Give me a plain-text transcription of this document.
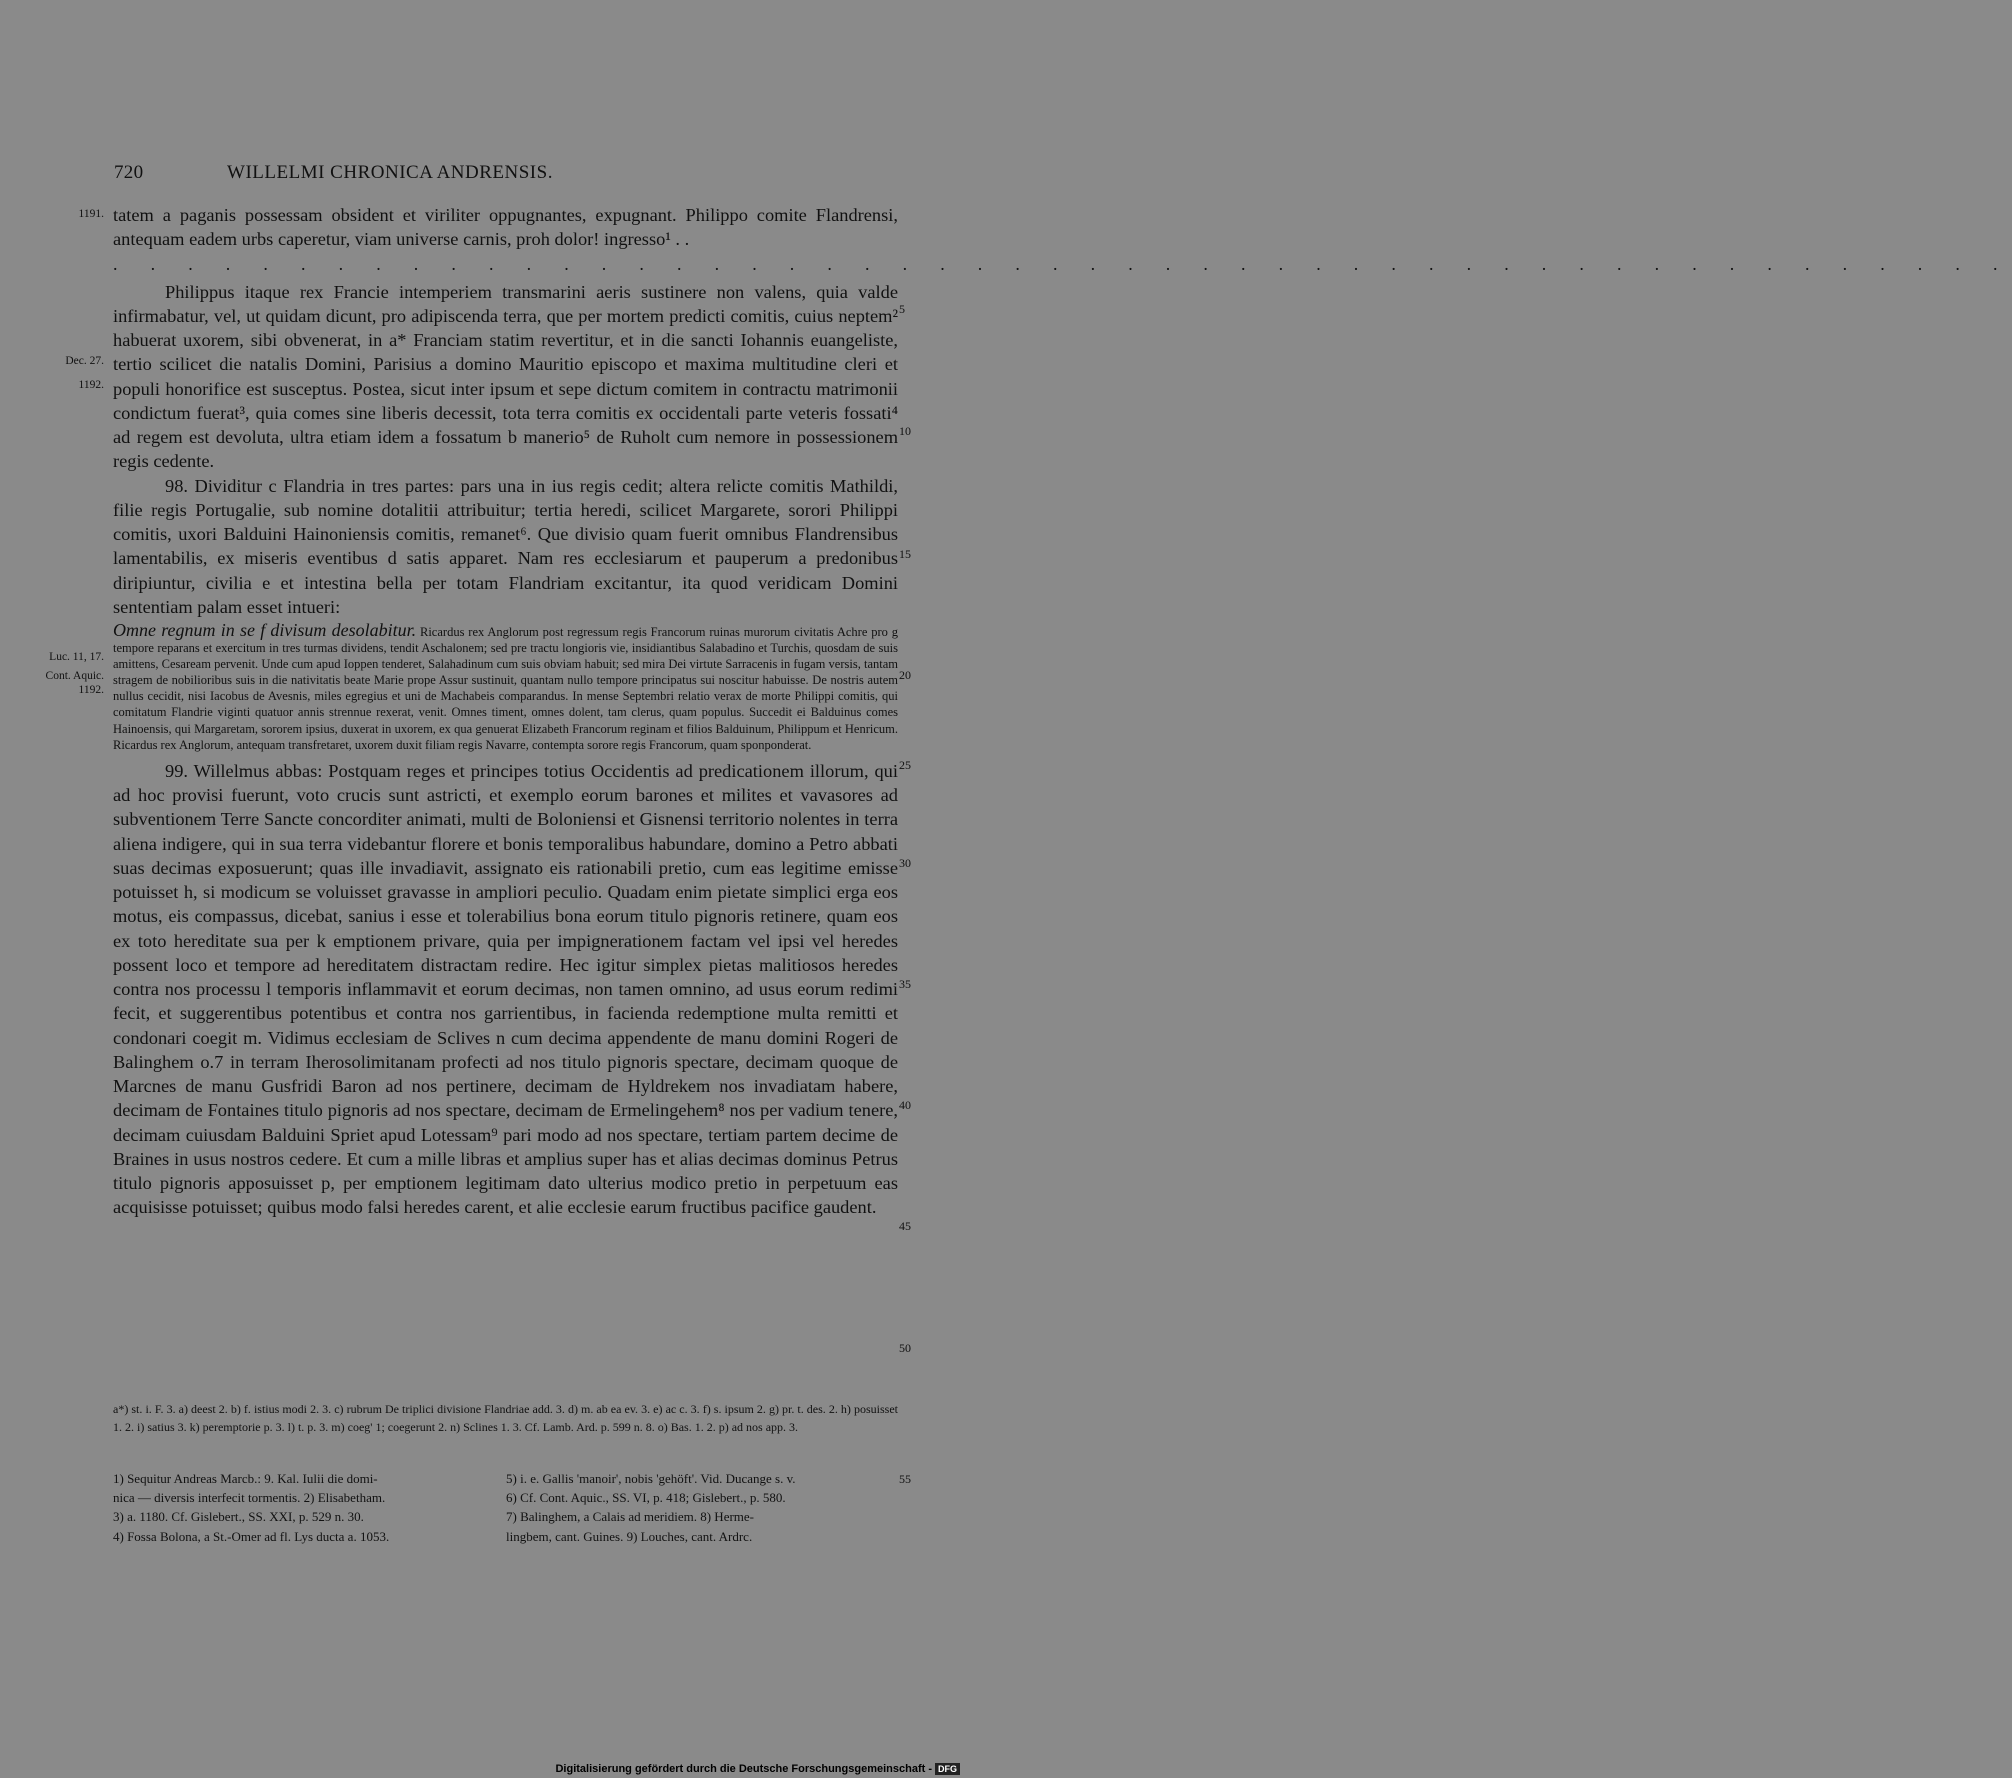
720	WILLELMI CHRONICA ANDRENSIS.
1191.
Dec. 27.
1192.
Luc. 11, 17.
Cont. Aquic.
1192.
5
10
15
20
25
30
35
40
45
50
55

tatem a paganis possessam obsident et viriliter oppugnantes, expugnant. Philippo comite Flandrensi, antequam eadem urbs caperetur, viam universe carnis, proh dolor! ingresso¹ . .

. . . . . . . . . . . . . . . . . . . . . . . . . . . . . . . . . . . . . . . . . . . . . . . . . . .

Philippus itaque rex Francie intemperiem transmarini aeris sustinere non valens, quia valde infirmabatur, vel, ut quidam dicunt, pro adipiscenda terra, que per mortem predicti comitis, cuius neptem² habuerat uxorem, sibi obvenerat, in a* Franciam statim revertitur, et in die sancti Iohannis euangeliste, tertio scilicet die natalis Domini, Parisius a domino Mauritio episcopo et maxima multitudine cleri et populi honorifice est susceptus. Postea, sicut inter ipsum et sepe dictum comitem in contractu matrimonii condictum fuerat³, quia comes sine liberis decessit, tota terra comitis ex occidentali parte veteris fossati⁴ ad regem est devoluta, ultra etiam idem a fossatum b manerio⁵ de Ruholt cum nemore in possessionem regis cedente.

98. Dividitur c Flandria in tres partes: pars una in ius regis cedit; altera relicte comitis Mathildi, filie regis Portugalie, sub nomine dotalitii attribuitur; tertia heredi, scilicet Margarete, sorori Philippi comitis, uxori Balduini Hainoniensis comitis, remanet⁶. Que divisio quam fuerit omnibus Flandrensibus lamentabilis, ex miseris eventibus d satis apparet. Nam res ecclesiarum et pauperum a predonibus diripiuntur, civilia e et intestina bella per totam Flandriam excitantur, ita quod veridicam Domini sententiam palam esset intueri:

Omne regnum in se f divisum desolabitur. Ricardus rex Anglorum post regressum regis Francorum ruinas murorum civitatis Achre pro g tempore reparans et exercitum in tres turmas dividens, tendit Aschalonem; sed pre tractu longioris vie, insidiantibus Salabadino et Turchis, quosdam de suis amittens, Cesaream pervenit. Unde cum apud Ioppen tenderet, Salahadinum cum suis obviam habuit; sed mira Dei virtute Sarracenis in fugam versis, tantam stragem de nobilioribus suis in die nativitatis beate Marie prope Assur sustinuit, quantam nullo tempore principatus sui noscitur habuisse. De nostris autem nullus cecidit, nisi Iacobus de Avesnis, miles egregius et uni de Machabeis comparandus. In mense Septembri relatio verax de morte Philippi comitis, qui comitatum Flandrie viginti quatuor annis strennue rexerat, venit. Omnes timent, omnes dolent, tam clerus, quam populus. Succedit ei Balduinus comes Hainoensis, qui Margaretam, sororem ipsius, duxerat in uxorem, ex qua genuerat Elizabeth Francorum reginam et filios Balduinum, Philippum et Henricum. Ricardus rex Anglorum, antequam transfretaret, uxorem duxit filiam regis Navarre, contempta sorore regis Francorum, quam sponponderat.

99. Willelmus abbas: Postquam reges et principes totius Occidentis ad predicationem illorum, qui ad hoc provisi fuerunt, voto crucis sunt astricti, et exemplo eorum barones et milites et vavasores ad subventionem Terre Sancte concorditer animati, multi de Boloniensi et Gisnensi territorio nolentes in terra aliena indigere, qui in sua terra videbantur florere et bonis temporalibus habundare, domino a Petro abbati suas decimas exposuerunt; quas ille invadiavit, assignato eis rationabili pretio, cum eas legitime emisse potuisset h, si modicum se voluisset gravasse in ampliori peculio. Quadam enim pietate simplici erga eos motus, eis compassus, dicebat, sanius i esse et tolerabilius bona eorum titulo pignoris retinere, quam eos ex toto hereditate sua per k emptionem privare, quia per impignerationem factam vel ipsi vel heredes possent loco et tempore ad hereditatem distractam redire. Hec igitur simplex pietas malitiosos heredes contra nos processu l temporis inflammavit et eorum decimas, non tamen omnino, ad usus eorum redimi fecit, et suggerentibus potentibus et contra nos garrientibus, in facienda redemptione multa remitti et condonari coegit m. Vidimus ecclesiam de Sclives n cum decima appendente de manu domini Rogeri de Balinghem o.7 in terram Iherosolimitanam profecti ad nos titulo pignoris spectare, decimam quoque de Marcnes de manu Gusfridi Baron ad nos pertinere, decimam de Hyldrekem nos invadiatam habere, decimam de Fontaines titulo pignoris ad nos spectare, decimam de Ermelingehem⁸ nos per vadium tenere, decimam cuiusdam Balduini Spriet apud Lotessam⁹ pari modo ad nos spectare, tertiam partem decime de Braines in usus nostros cedere. Et cum a mille libras et amplius super has et alias decimas dominus Petrus titulo pignoris apposuisset p, per emptionem legitimam dato ulterius modico pretio in perpetuum eas acquisisse potuisset; quibus modo falsi heredes carent, et alie ecclesie earum fructibus pacifice gaudent.

a*) st. i. F. 3. a) deest 2. b) f. istius modi 2. 3. c) rubrum De triplici divisione Flandriae add. 3. d) m. ab ea ev. 3. e) ac c. 3. f) s. ipsum 2. g) pr. t. des. 2. h) posuisset 1. 2. i) satius 3. k) peremptorie p. 3. l) t. p. 3. m) coeg' 1; coegerunt 2. n) Sclines 1. 3. Cf. Lamb. Ard. p. 599 n. 8. o) Bas. 1. 2. p) ad nos app. 3.
1) Sequitur Andreas Marcb.: 9. Kal. Iulii die domi-	5) i. e. Gallis 'manoir', nobis 'gehöft'. Vid. Ducange s. v.
nica — diversis interfecit tormentis. 2) Elisabetham.	6) Cf. Cont. Aquic., SS. VI, p. 418; Gislebert., p. 580.
3) a. 1180. Cf. Gislebert., SS. XXI, p. 529 n. 30.	7) Balinghem, a Calais ad meridiem. 8) Herme-
4) Fossa Bolona, a St.-Omer ad fl. Lys ducta a. 1053.	lingbem, cant. Guines. 9) Louches, cant. Ardrc.
Digitalisierung gefördert durch die Deutsche Forschungsgemeinschaft - DFG
